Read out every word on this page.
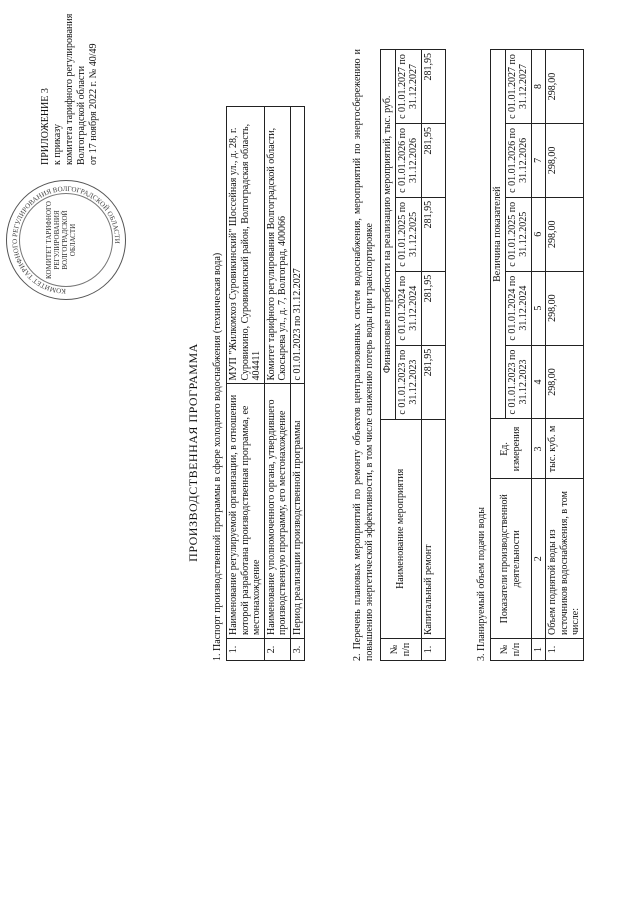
ПРИЛОЖЕНИЕ 3 к приказу комитета тарифного регулирования Волгоградской области от 17 ноября 2022 г. № 40/49
КОМИТЕТ ТАРИФНОГО РЕГУЛИРОВАНИЯ ВОЛГОГРАДСКОЙ ОБЛАСТИ
КОМИТЕТ ТАРИФНОГО РЕГУЛИРОВАНИЯ ВОЛГОГРАДСКОЙ ОБЛАСТИ
ПРОИЗВОДСТВЕННАЯ ПРОГРАММА 1. Паспорт производственной программы в сфере холодного водоснабжения (техническая вода) 1.	Наименование регулируемой организации, в отношении которой разработана производственная программа, ее местонахождение	МУП "Жилкомхоз Суровикинский" Шоссейная ул., д. 28, г. Суровикино, Суровикинский район, Волгоградская область, 404411
2.	Наименование уполномоченного органа, утвердившего производственную программу, его местонахождение	Комитет тарифного регулирования Волгоградской области, Скосырева ул., д. 7, Волгоград, 400066
3.	Период реализации производственной программы	с 01.01.2023 по 31.12.2027	2. Перечень плановых мероприятий по ремонту объектов централизованных систем водоснабжения, мероприятий по энергосбережению и повышению энергетической эффективности, в том числе снижению потерь воды при транспортировке № п/п	Наименование мероприятия	Финансовые потребности на реализацию мероприятий, тыс. руб.				
		с 01.01.2023 по 31.12.2023	с 01.01.2024 по 31.12.2024	с 01.01.2025 по 31.12.2025	с 01.01.2026 по 31.12.2026	с 01.01.2027 по 31.12.2027
1.	Капитальный ремонт	281,95	281,95	281,95	281,95	281,95
3. Планируемый объем подачи воды № п/п	Показатели производственной деятельности	Ед. измерения	Величина показателей				
			с 01.01.2023 по 31.12.2023	с 01.01.2024 по 31.12.2024	с 01.01.2025 по 31.12.2025	с 01.01.2026 по 31.12.2026	с 01.01.2027 по 31.12.2027
1	2	3	4	5	6	7	8
1.	Объем поднятой воды из источников водоснабжения, в том числе:	тыс. куб. м	298,00	298,00	298,00	298,00	298,00
